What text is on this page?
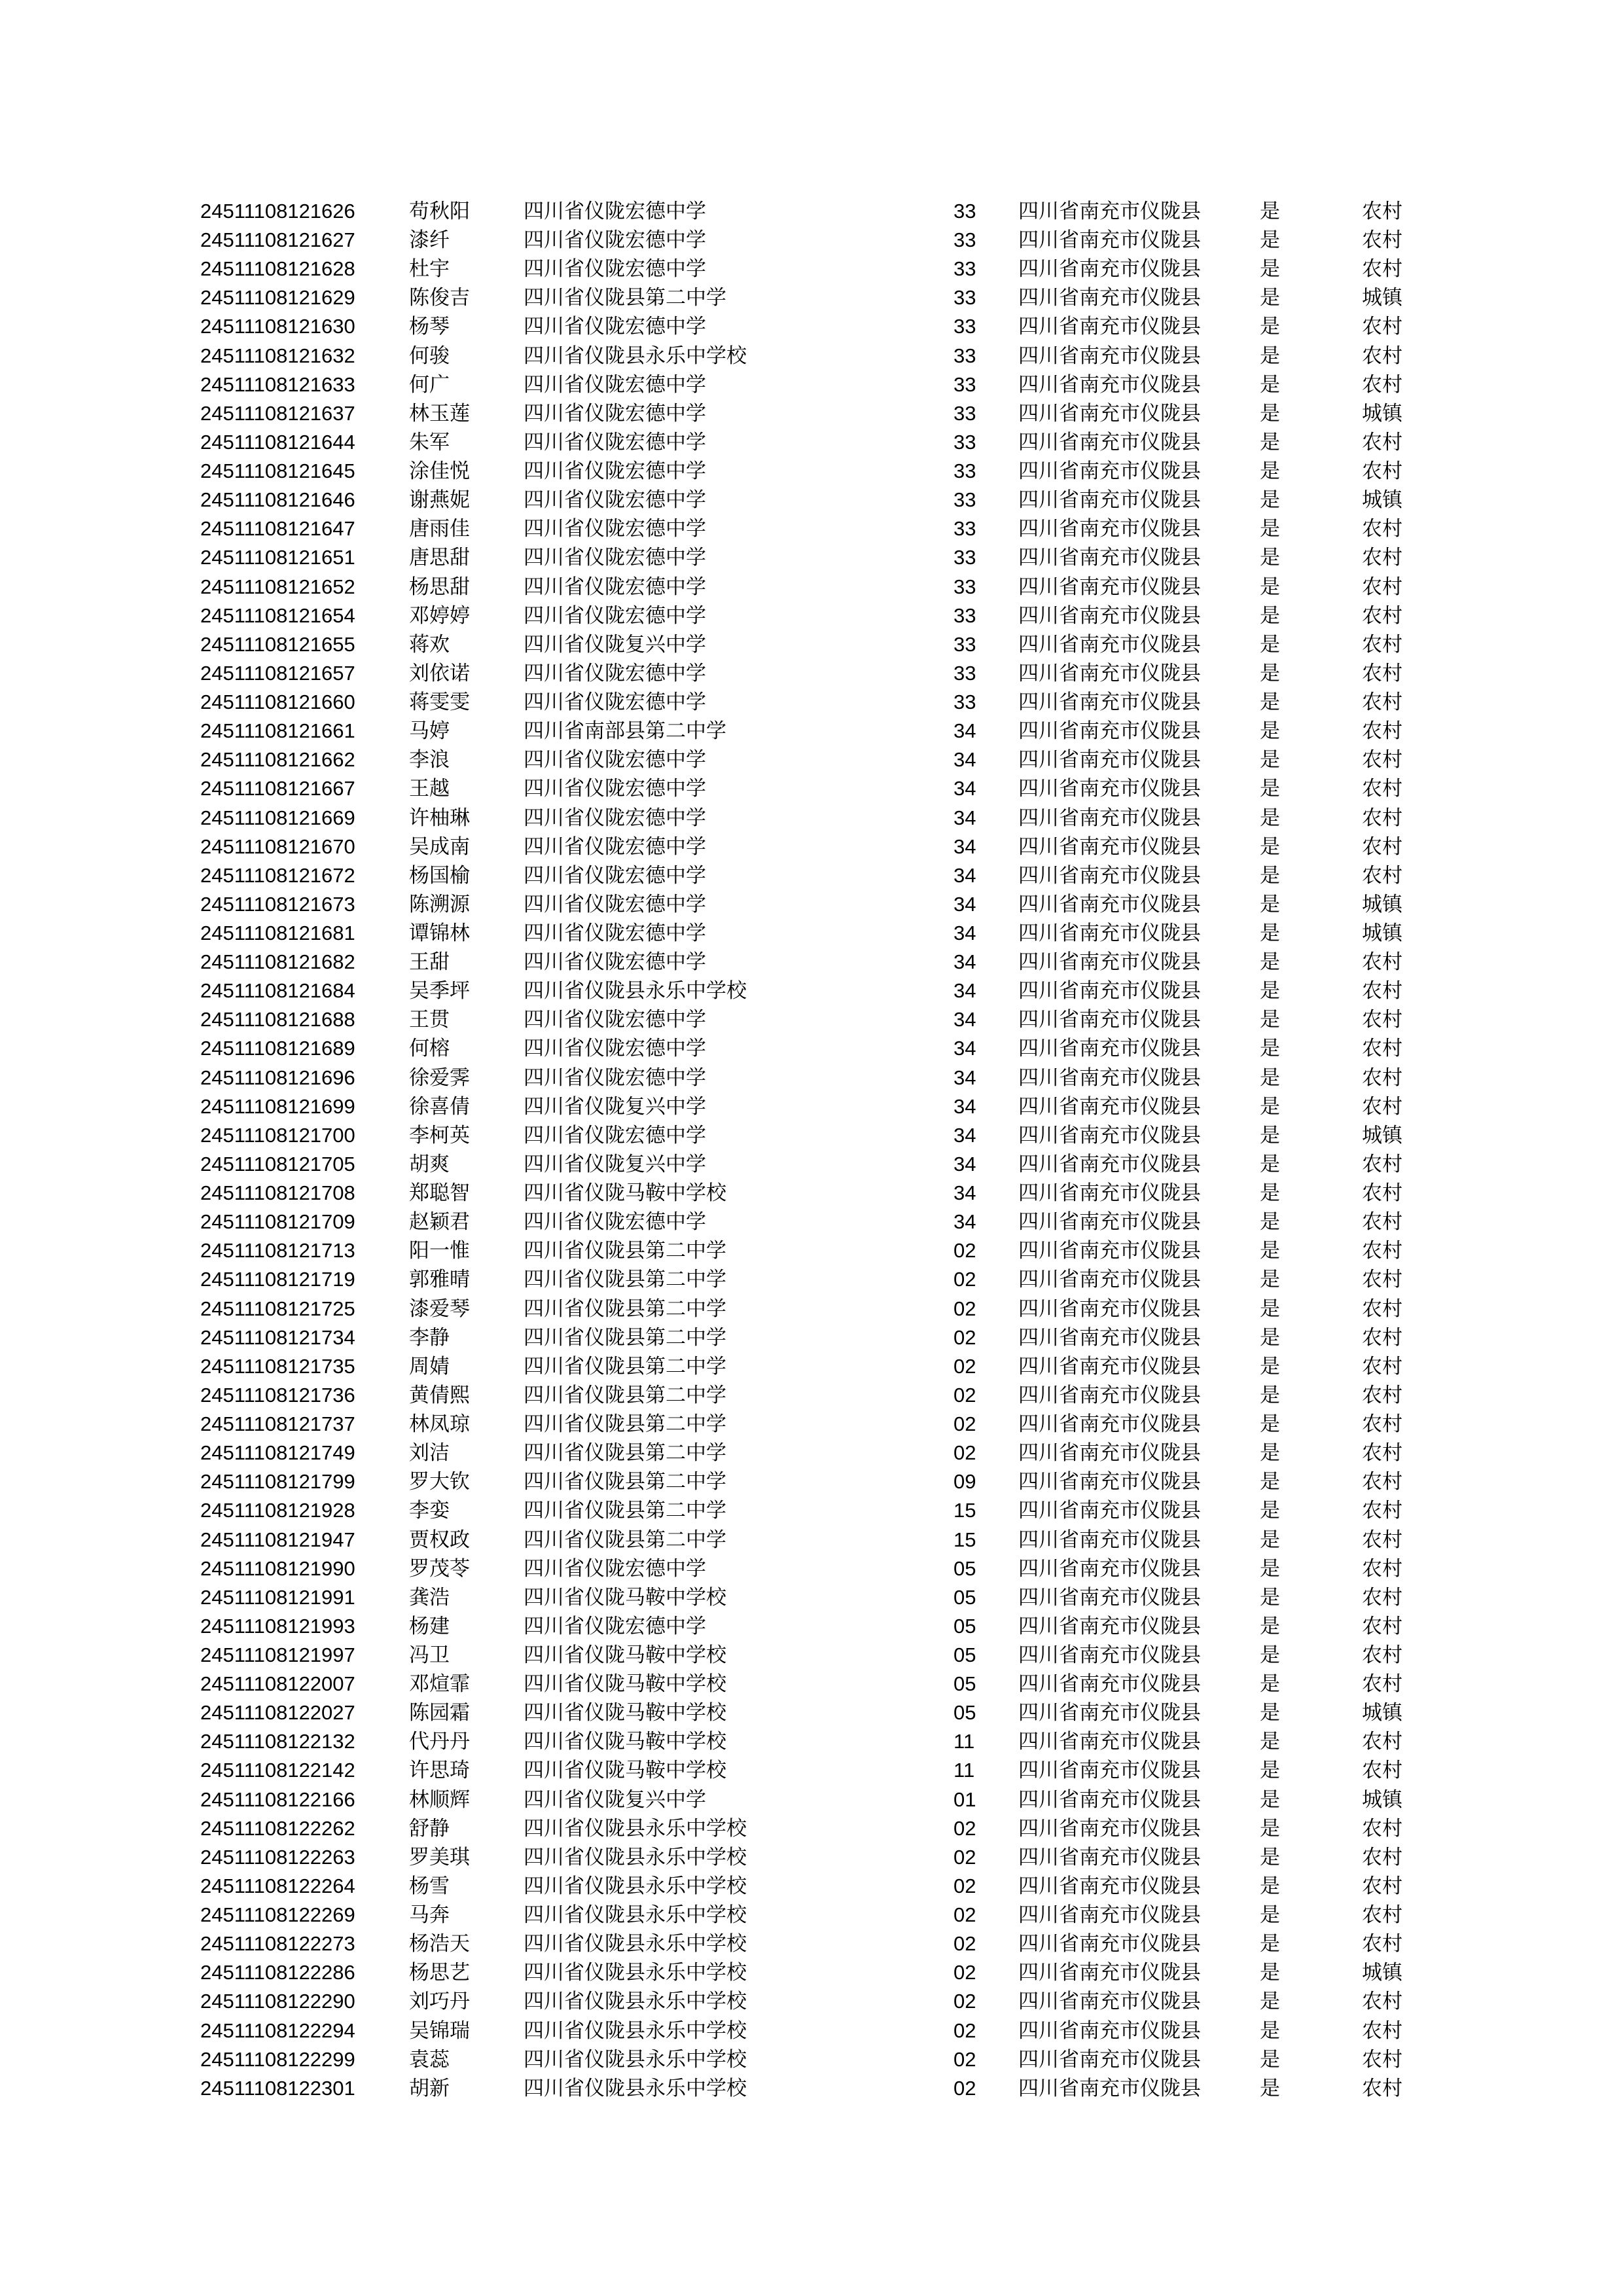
24511108121626	苟秋阳	四川省仪陇宏德中学	33 四川省南充市仪陇县	是	农村
24511108121627	漆纤	四川省仪陇宏德中学	33 四川省南充市仪陇县	是	农村
24511108121628	杜宇	四川省仪陇宏德中学	33 四川省南充市仪陇县	是	农村
24511108121629	陈俊吉	四川省仪陇县第二中学	33 四川省南充市仪陇县	是	城镇
24511108121630	杨琴	四川省仪陇宏德中学	33 四川省南充市仪陇县	是	农村
24511108121632	何骏	四川省仪陇县永乐中学校	33 四川省南充市仪陇县	是	农村
24511108121633	何广	四川省仪陇宏德中学	33 四川省南充市仪陇县	是	农村
24511108121637	林玉莲	四川省仪陇宏德中学	33 四川省南充市仪陇县	是	城镇
24511108121644	朱军	四川省仪陇宏德中学	33 四川省南充市仪陇县	是	农村
24511108121645	涂佳悦	四川省仪陇宏德中学	33 四川省南充市仪陇县	是	农村
24511108121646	谢燕妮	四川省仪陇宏德中学	33 四川省南充市仪陇县	是	城镇
24511108121647	唐雨佳	四川省仪陇宏德中学	33 四川省南充市仪陇县	是	农村
24511108121651	唐思甜	四川省仪陇宏德中学	33 四川省南充市仪陇县	是	农村
24511108121652	杨思甜	四川省仪陇宏德中学	33 四川省南充市仪陇县	是	农村
24511108121654	邓婷婷	四川省仪陇宏德中学	33 四川省南充市仪陇县	是	农村
24511108121655	蒋欢	四川省仪陇复兴中学	33 四川省南充市仪陇县	是	农村
24511108121657	刘依诺	四川省仪陇宏德中学	33 四川省南充市仪陇县	是	农村
24511108121660	蒋雯雯	四川省仪陇宏德中学	33 四川省南充市仪陇县	是	农村
24511108121661	马婷	四川省南部县第二中学	34 四川省南充市仪陇县	是	农村
24511108121662	李浪	四川省仪陇宏德中学	34 四川省南充市仪陇县	是	农村
24511108121667	王越	四川省仪陇宏德中学	34 四川省南充市仪陇县	是	农村
24511108121669	许柚琳	四川省仪陇宏德中学	34 四川省南充市仪陇县	是	农村
24511108121670	吴成南	四川省仪陇宏德中学	34 四川省南充市仪陇县	是	农村
24511108121672	杨国榆	四川省仪陇宏德中学	34 四川省南充市仪陇县	是	农村
24511108121673	陈溯源	四川省仪陇宏德中学	34 四川省南充市仪陇县	是	城镇
24511108121681	谭锦林	四川省仪陇宏德中学	34 四川省南充市仪陇县	是	城镇
24511108121682	王甜	四川省仪陇宏德中学	34 四川省南充市仪陇县	是	农村
24511108121684	吴季坪	四川省仪陇县永乐中学校	34 四川省南充市仪陇县	是	农村
24511108121688	王贯	四川省仪陇宏德中学	34 四川省南充市仪陇县	是	农村
24511108121689	何榕	四川省仪陇宏德中学	34 四川省南充市仪陇县	是	农村
24511108121696	徐爱霁	四川省仪陇宏德中学	34 四川省南充市仪陇县	是	农村
24511108121699	徐喜倩	四川省仪陇复兴中学	34 四川省南充市仪陇县	是	农村
24511108121700	李柯英	四川省仪陇宏德中学	34 四川省南充市仪陇县	是	城镇
24511108121705	胡爽	四川省仪陇复兴中学	34 四川省南充市仪陇县	是	农村
24511108121708	郑聪智	四川省仪陇马鞍中学校	34 四川省南充市仪陇县	是	农村
24511108121709	赵颖君	四川省仪陇宏德中学	34 四川省南充市仪陇县	是	农村
24511108121713	阳一惟	四川省仪陇县第二中学	02 四川省南充市仪陇县	是	农村
24511108121719	郭雅晴	四川省仪陇县第二中学	02 四川省南充市仪陇县	是	农村
24511108121725	漆爱琴	四川省仪陇县第二中学	02 四川省南充市仪陇县	是	农村
24511108121734	李静	四川省仪陇县第二中学	02 四川省南充市仪陇县	是	农村
24511108121735	周婧	四川省仪陇县第二中学	02 四川省南充市仪陇县	是	农村
24511108121736	黄倩熙	四川省仪陇县第二中学	02 四川省南充市仪陇县	是	农村
24511108121737	林凤琼	四川省仪陇县第二中学	02 四川省南充市仪陇县	是	农村
24511108121749	刘洁	四川省仪陇县第二中学	02 四川省南充市仪陇县	是	农村
24511108121799	罗大钦	四川省仪陇县第二中学	09 四川省南充市仪陇县	是	农村
24511108121928	李娈	四川省仪陇县第二中学	15 四川省南充市仪陇县	是	农村
24511108121947	贾权政	四川省仪陇县第二中学	15 四川省南充市仪陇县	是	农村
24511108121990	罗茂苓	四川省仪陇宏德中学	05 四川省南充市仪陇县	是	农村
24511108121991	龚浩	四川省仪陇马鞍中学校	05 四川省南充市仪陇县	是	农村
24511108121993	杨建	四川省仪陇宏德中学	05 四川省南充市仪陇县	是	农村
24511108121997	冯卫	四川省仪陇马鞍中学校	05 四川省南充市仪陇县	是	农村
24511108122007	邓煊霏	四川省仪陇马鞍中学校	05 四川省南充市仪陇县	是	农村
24511108122027	陈园霜	四川省仪陇马鞍中学校	05 四川省南充市仪陇县	是	城镇
24511108122132	代丹丹	四川省仪陇马鞍中学校	11 四川省南充市仪陇县	是	农村
24511108122142	许思琦	四川省仪陇马鞍中学校	11 四川省南充市仪陇县	是	农村
24511108122166	林顺辉	四川省仪陇复兴中学	01 四川省南充市仪陇县	是	城镇
24511108122262	舒静	四川省仪陇县永乐中学校	02 四川省南充市仪陇县	是	农村
24511108122263	罗美琪	四川省仪陇县永乐中学校	02 四川省南充市仪陇县	是	农村
24511108122264	杨雪	四川省仪陇县永乐中学校	02 四川省南充市仪陇县	是	农村
24511108122269	马奔	四川省仪陇县永乐中学校	02 四川省南充市仪陇县	是	农村
24511108122273	杨浩天	四川省仪陇县永乐中学校	02 四川省南充市仪陇县	是	农村
24511108122286	杨思艺	四川省仪陇县永乐中学校	02 四川省南充市仪陇县	是	城镇
24511108122290	刘巧丹	四川省仪陇县永乐中学校	02 四川省南充市仪陇县	是	农村
24511108122294	吴锦瑞	四川省仪陇县永乐中学校	02 四川省南充市仪陇县	是	农村
24511108122299	袁蕊	四川省仪陇县永乐中学校	02 四川省南充市仪陇县	是	农村
24511108122301	胡新	四川省仪陇县永乐中学校	02 四川省南充市仪陇县	是	农村
